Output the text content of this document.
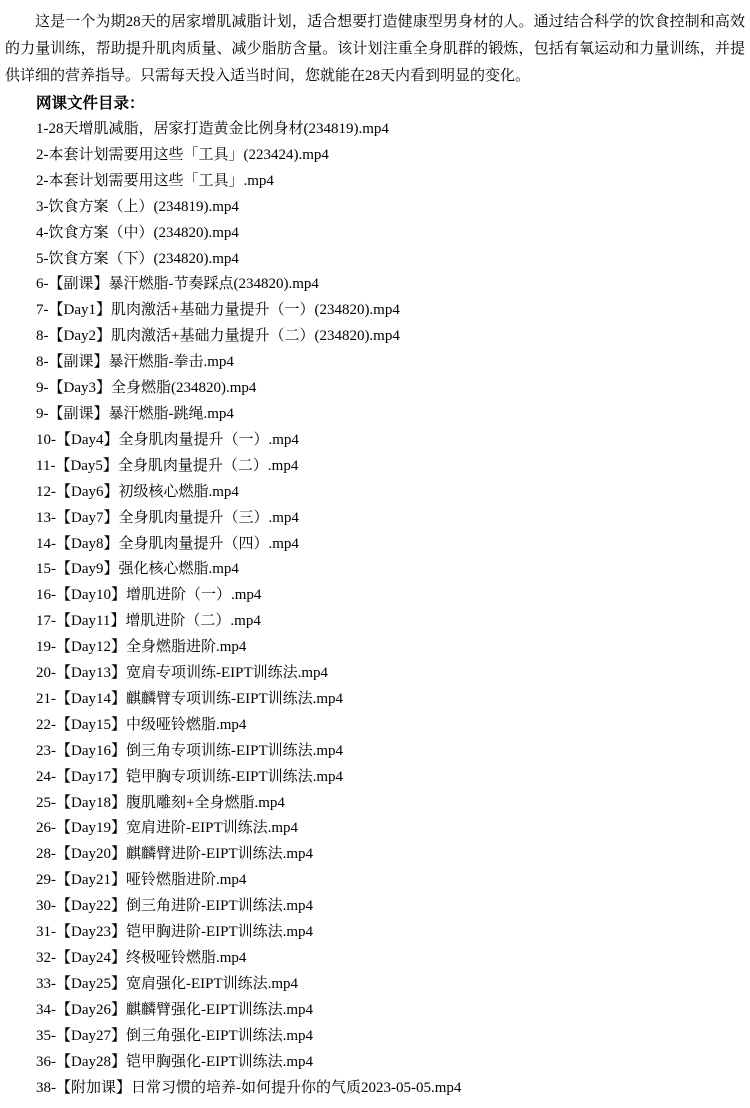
这是一个为期28天的居家增肌减脂计划，适合想要打造健康型男身材的人。通过结合科学的饮食控制和高效的力量训练，帮助提升肌肉质量、减少脂肪含量。该计划注重全身肌群的锻炼，包括有氧运动和力量训练，并提供详细的营养指导。只需每天投入适当时间，您就能在28天内看到明显的变化。

网课文件目录：
1-28天增肌减脂，居家打造黄金比例身材(234819).mp4
2-本套计划需要用这些「工具」(223424).mp4
2-本套计划需要用这些「工具」.mp4
3-饮食方案（上）(234819).mp4
4-饮食方案（中）(234820).mp4
5-饮食方案（下）(234820).mp4
6-【副课】暴汗燃脂-节奏踩点(234820).mp4
7-【Day1】肌肉激活+基础力量提升（一）(234820).mp4
8-【Day2】肌肉激活+基础力量提升（二）(234820).mp4
8-【副课】暴汗燃脂-拳击.mp4
9-【Day3】全身燃脂(234820).mp4
9-【副课】暴汗燃脂-跳绳.mp4
10-【Day4】全身肌肉量提升（一）.mp4
11-【Day5】全身肌肉量提升（二）.mp4
12-【Day6】初级核心燃脂.mp4
13-【Day7】全身肌肉量提升（三）.mp4
14-【Day8】全身肌肉量提升（四）.mp4
15-【Day9】强化核心燃脂.mp4
16-【Day10】增肌进阶（一）.mp4
17-【Day11】增肌进阶（二）.mp4
19-【Day12】全身燃脂进阶.mp4
20-【Day13】宽肩专项训练-EIPT训练法.mp4
21-【Day14】麒麟臂专项训练-EIPT训练法.mp4
22-【Day15】中级哑铃燃脂.mp4
23-【Day16】倒三角专项训练-EIPT训练法.mp4
24-【Day17】铠甲胸专项训练-EIPT训练法.mp4
25-【Day18】腹肌雕刻+全身燃脂.mp4
26-【Day19】宽肩进阶-EIPT训练法.mp4
28-【Day20】麒麟臂进阶-EIPT训练法.mp4
29-【Day21】哑铃燃脂进阶.mp4
30-【Day22】倒三角进阶-EIPT训练法.mp4
31-【Day23】铠甲胸进阶-EIPT训练法.mp4
32-【Day24】终极哑铃燃脂.mp4
33-【Day25】宽肩强化-EIPT训练法.mp4
34-【Day26】麒麟臂强化-EIPT训练法.mp4
35-【Day27】倒三角强化-EIPT训练法.mp4
36-【Day28】铠甲胸强化-EIPT训练法.mp4
38-【附加课】日常习惯的培养-如何提升你的气质2023-05-05.mp4
